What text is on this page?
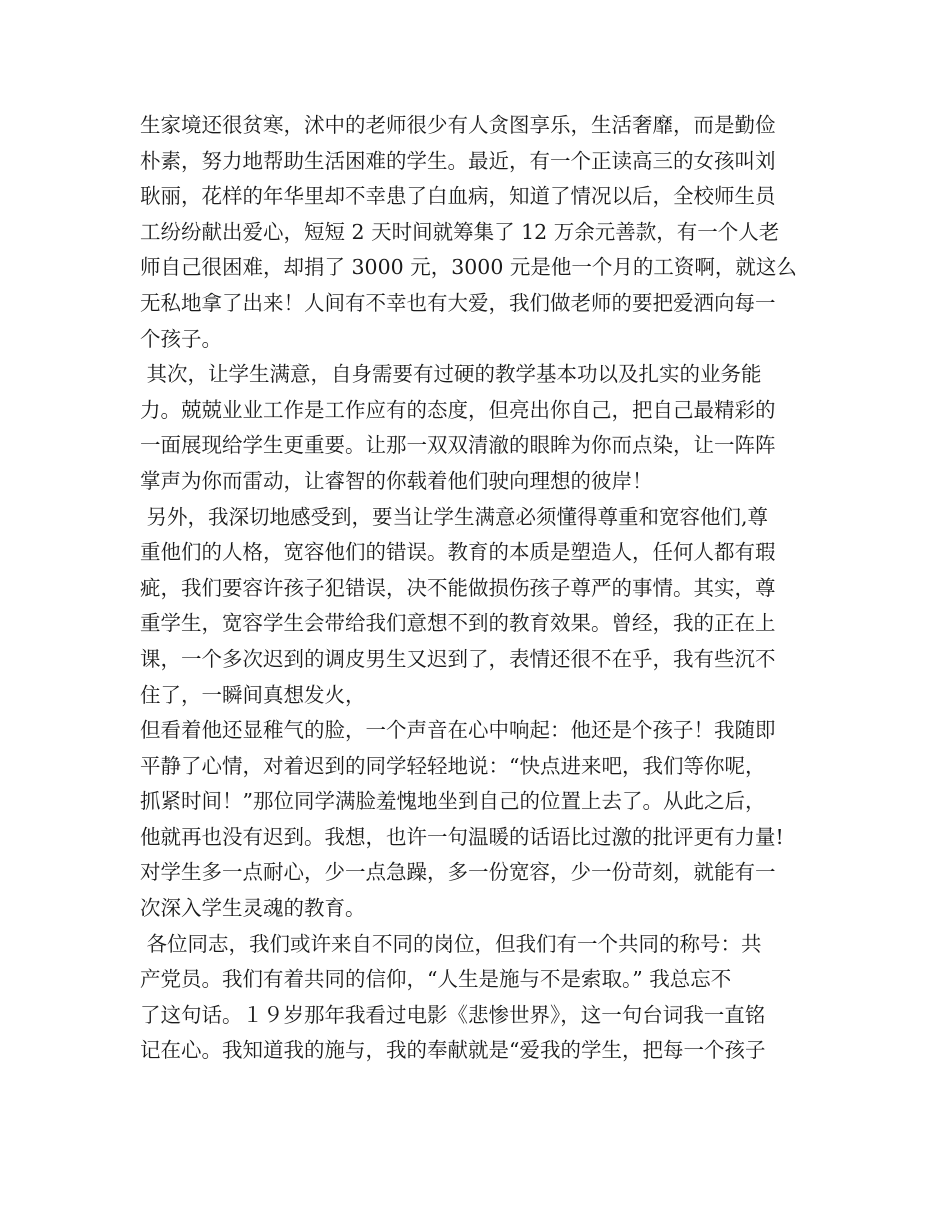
生家境还很贫寒，沭中的老师很少有人贪图享乐，生活奢靡，而是勤俭
朴素，努力地帮助生活困难的学生。最近，有一个正读高三的女孩叫刘
耿丽，花样的年华里却不幸患了白血病，知道了情况以后，全校师生员
工纷纷献出爱心，短短 2 天时间就筹集了 12 万余元善款，有一个人老
师自己很困难，却捐了 3000 元，3000 元是他一个月的工资啊，就这么
无私地拿了出来！人间有不幸也有大爱，我们做老师的要把爱洒向每一
个孩子。
其次，让学生满意，自身需要有过硬的教学基本功以及扎实的业务能
力。兢兢业业工作是工作应有的态度，但亮出你自己，把自己最精彩的
一面展现给学生更重要。让那一双双清澈的眼眸为你而点染，让一阵阵
掌声为你而雷动，让睿智的你载着他们驶向理想的彼岸！
另外，我深切地感受到，要当让学生满意必须懂得尊重和宽容他们,尊
重他们的人格，宽容他们的错误。教育的本质是塑造人，任何人都有瑕
疵，我们要容许孩子犯错误，决不能做损伤孩子尊严的事情。其实，尊
重学生，宽容学生会带给我们意想不到的教育效果。曾经，我的正在上
课，一个多次迟到的调皮男生又迟到了，表情还很不在乎，我有些沉不
住了，一瞬间真想发火，
但看着他还显稚气的脸，一个声音在心中响起：他还是个孩子！我随即
平静了心情，对着迟到的同学轻轻地说：“快点进来吧，我们等你呢，
抓紧时间！”那位同学满脸羞愧地坐到自己的位置上去了。从此之后，
他就再也没有迟到。我想，也许一句温暖的话语比过激的批评更有力量!
对学生多一点耐心，少一点急躁，多一份宽容，少一份苛刻，就能有一
次深入学生灵魂的教育。
各位同志，我们或许来自不同的岗位，但我们有一个共同的称号：共
产党员。我们有着共同的信仰，“人生是施与不是索取。” 我总忘不
了这句话。１９岁那年我看过电影《悲惨世界》，这一句台词我一直铭
记在心。我知道我的施与，我的奉献就是“爱我的学生，把每一个孩子
